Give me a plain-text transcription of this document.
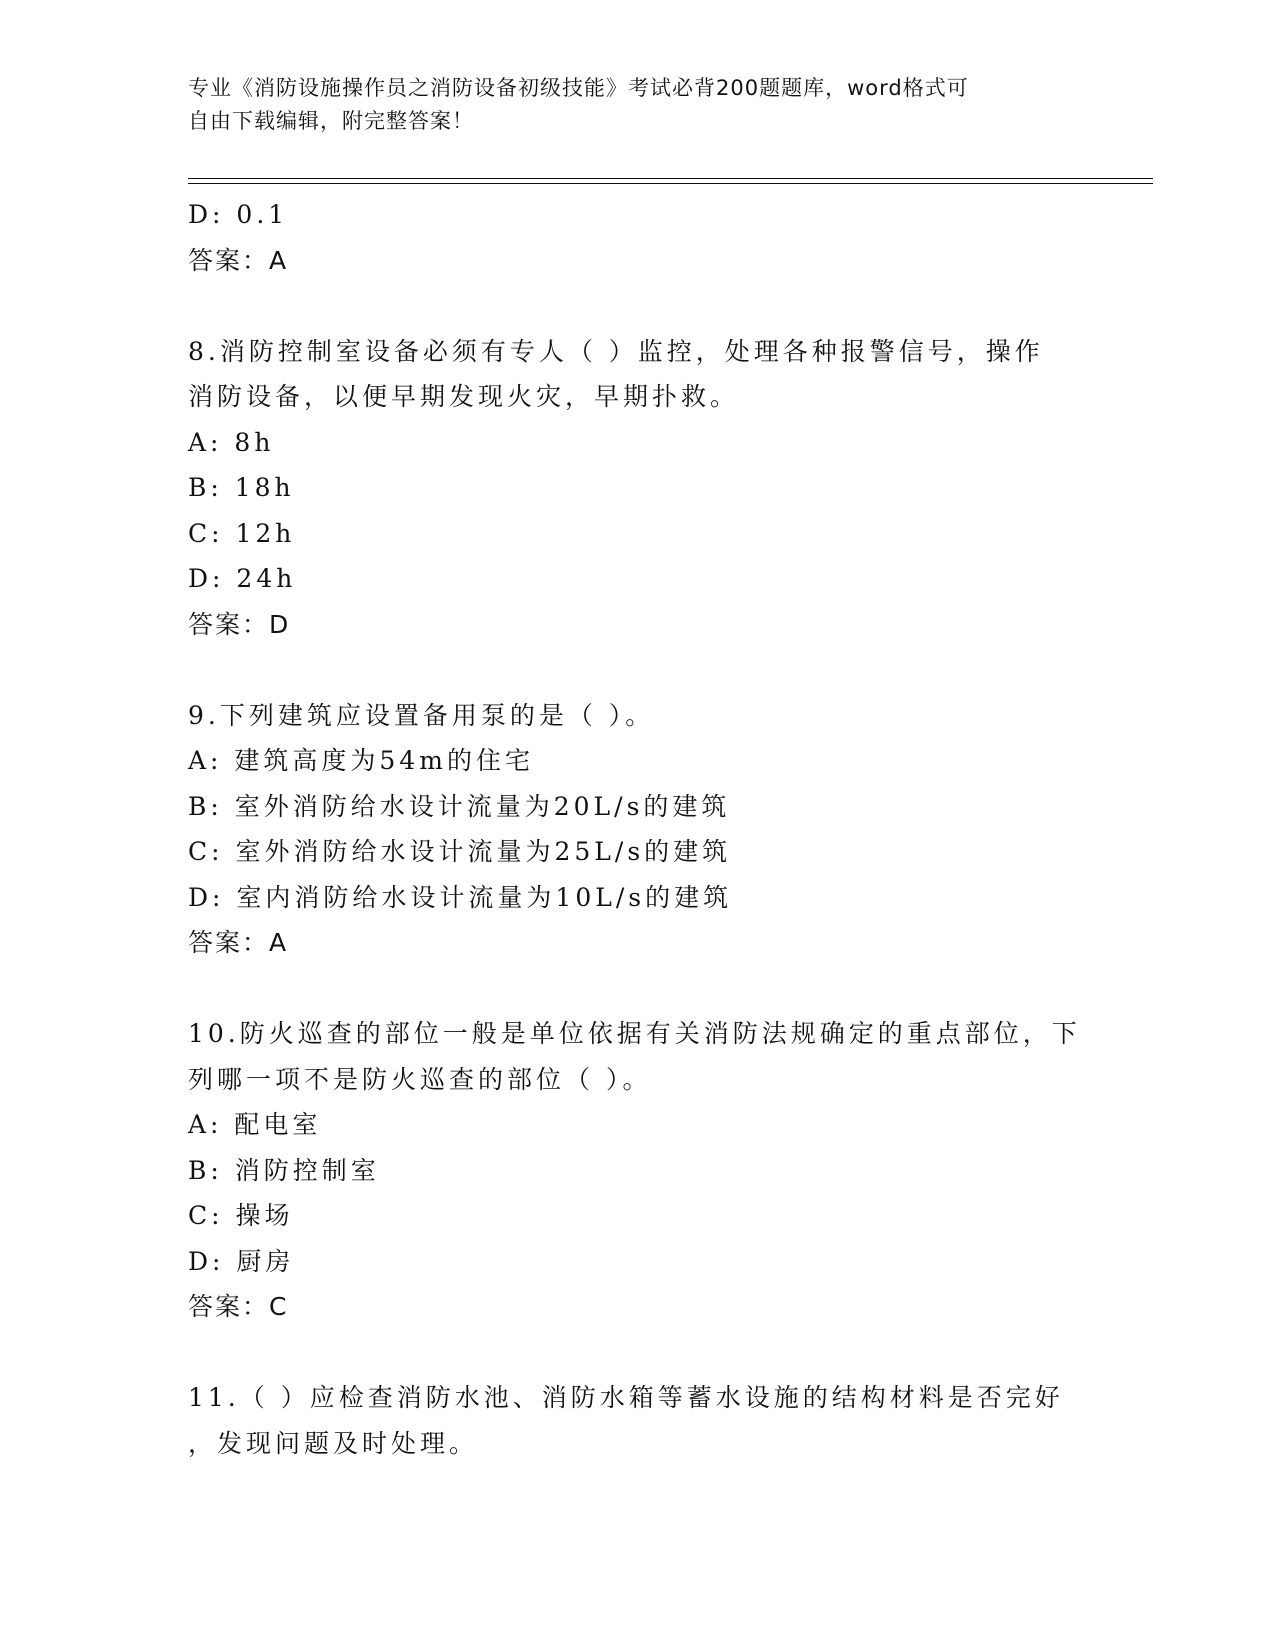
专业《消防设施操作员之消防设备初级技能》考试必背200题题库，word格式可
自由下载编辑，附完整答案！
D: 0.1
答案：A
8.消防控制室设备必须有专人（ ）监控，处理各种报警信号，操作
消防设备，以便早期发现火灾，早期扑救。
A: 8h
B: 18h
C: 12h
D: 24h
答案：D
9.下列建筑应设置备用泵的是（ ）。
A: 建筑高度为54m的住宅
B: 室外消防给水设计流量为20L/s的建筑
C: 室外消防给水设计流量为25L/s的建筑
D: 室内消防给水设计流量为10L/s的建筑
答案：A
10.防火巡查的部位一般是单位依据有关消防法规确定的重点部位，下
列哪一项不是防火巡查的部位（ ）。
A: 配电室
B: 消防控制室
C: 操场
D: 厨房
答案：C
11.（ ）应检查消防水池、消防水箱等蓄水设施的结构材料是否完好
，发现问题及时处理。
